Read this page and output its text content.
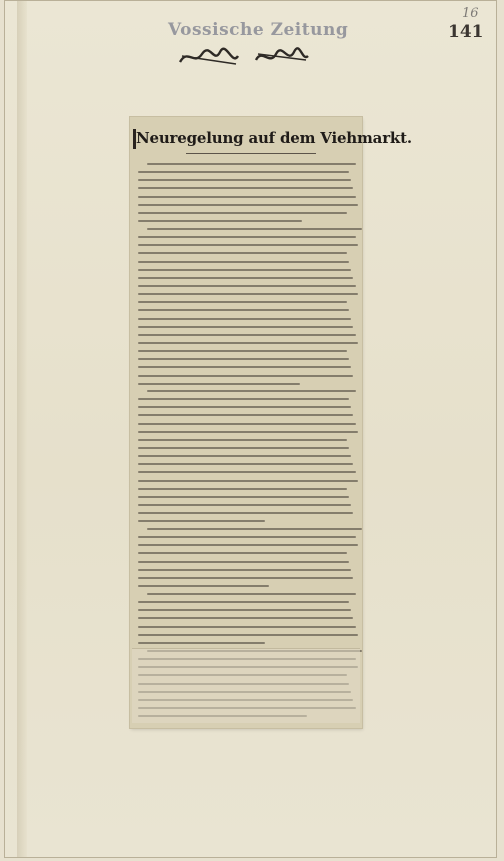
Vossische Zeitung
16
141
Neuregelung auf dem Viehmarkt.
